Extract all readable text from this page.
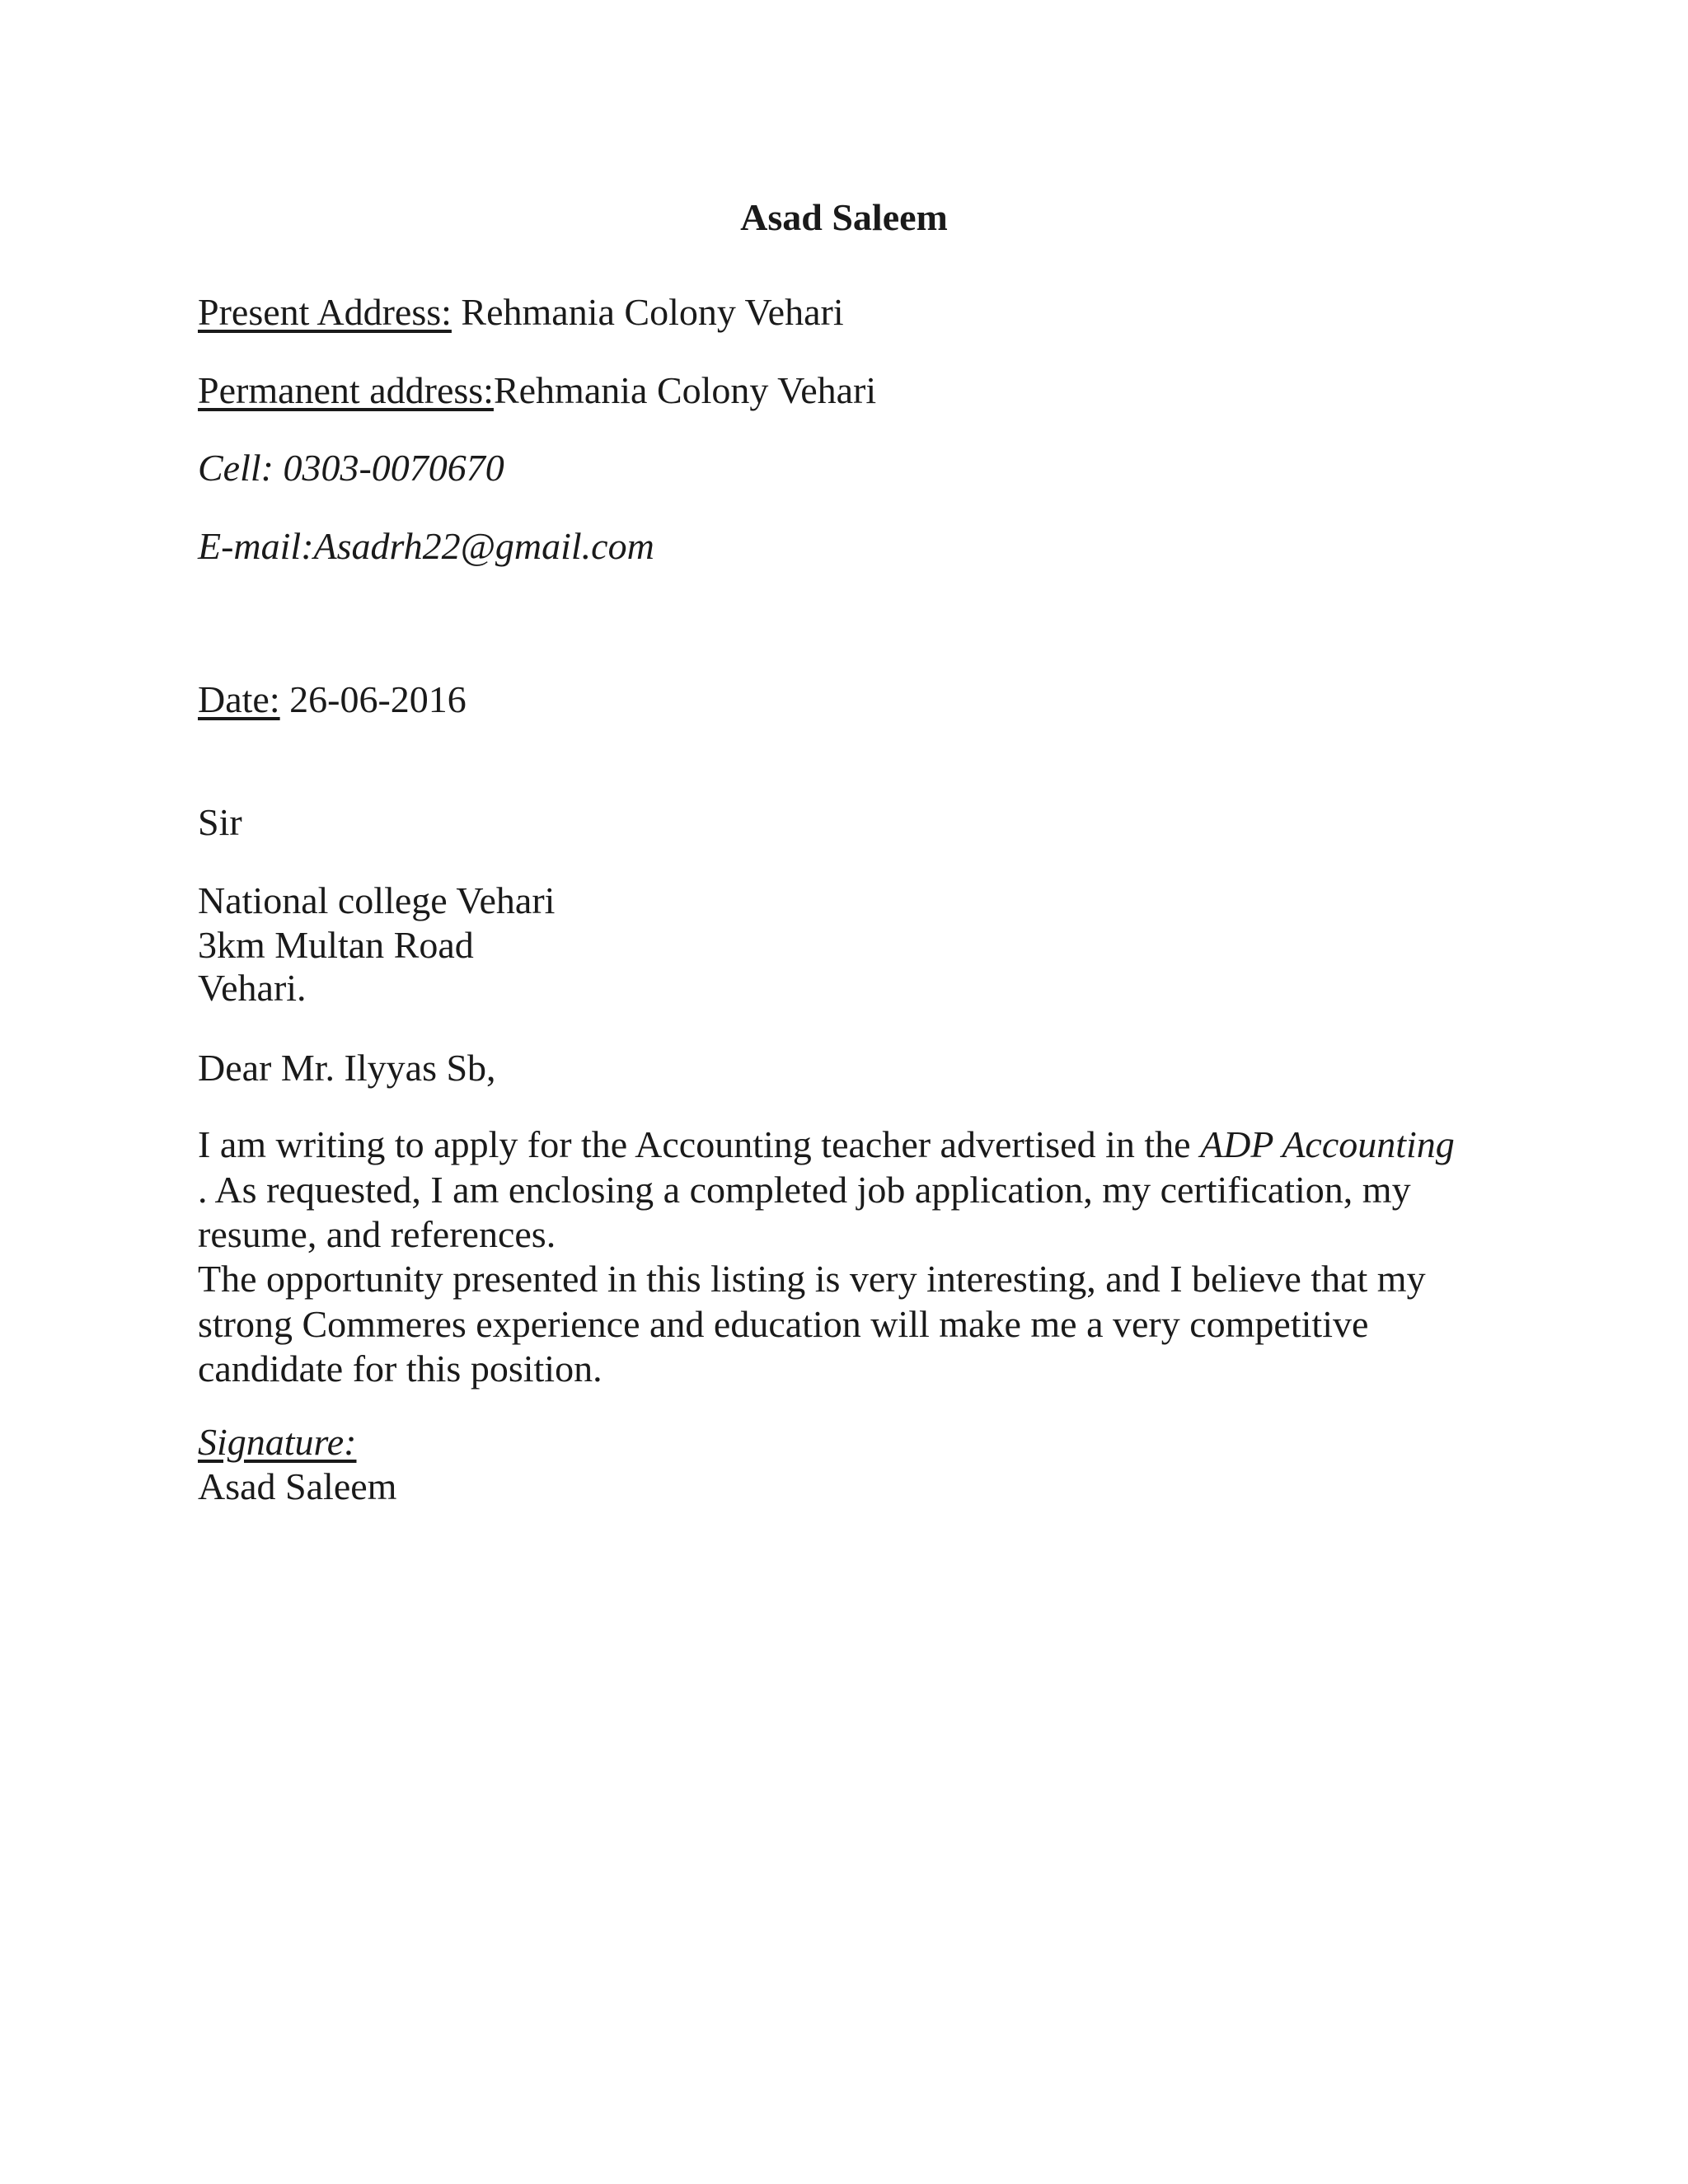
Asad Saleem
Present Address: Rehmania Colony Vehari
Permanent address:Rehmania Colony Vehari
Cell: 0303-0070670
E-mail:Asadrh22@gmail.com
Date: 26-06-2016
Sir
National college Vehari
3km Multan Road
Vehari.
Dear Mr. Ilyyas Sb,
I am writing to apply for the Accounting teacher advertised in the ADP Accounting . As requested, I am enclosing a completed job application, my certification, my resume, and references.
The opportunity presented in this listing is very interesting, and I believe that my strong Commeres experience and education will make me a very competitive candidate for this position.
Signature:
Asad Saleem
